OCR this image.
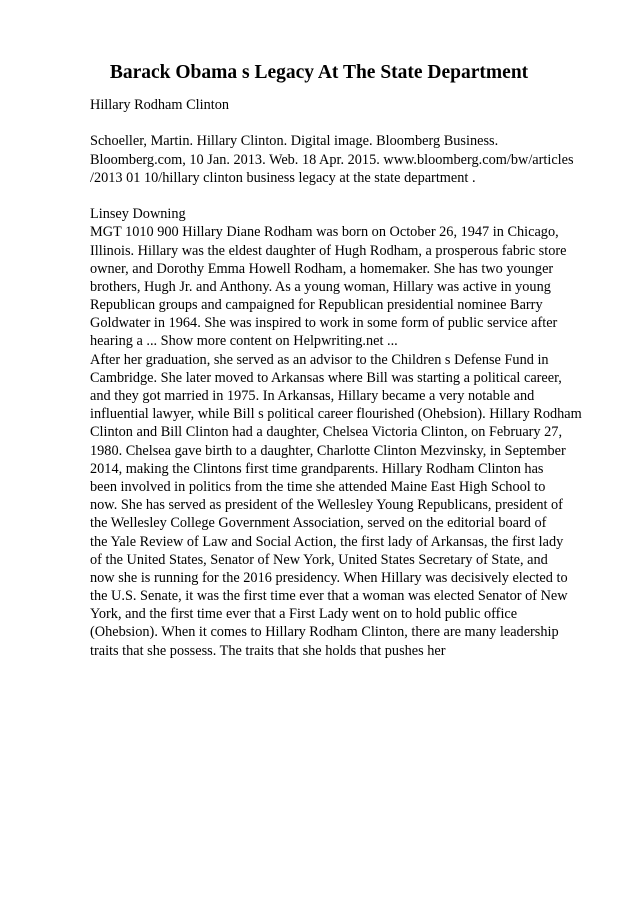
Barack Obama s Legacy At The State Department
Hillary Rodham Clinton
Schoeller, Martin. Hillary Clinton. Digital image. Bloomberg Business.
Bloomberg.com, 10 Jan. 2013. Web. 18 Apr. 2015. www.bloomberg.com/bw/articles
/2013 01 10/hillary clinton business legacy at the state department .
Linsey Downing
MGT 1010 900 Hillary Diane Rodham was born on October 26, 1947 in Chicago,
Illinois. Hillary was the eldest daughter of Hugh Rodham, a prosperous fabric store
owner, and Dorothy Emma Howell Rodham, a homemaker. She has two younger
brothers, Hugh Jr. and Anthony. As a young woman, Hillary was active in young
Republican groups and campaigned for Republican presidential nominee Barry
Goldwater in 1964. She was inspired to work in some form of public service after
hearing a ... Show more content on Helpwriting.net ...
After her graduation, she served as an advisor to the Children s Defense Fund in
Cambridge. She later moved to Arkansas where Bill was starting a political career,
and they got married in 1975. In Arkansas, Hillary became a very notable and
influential lawyer, while Bill s political career flourished (Ohebsion). Hillary Rodham
Clinton and Bill Clinton had a daughter, Chelsea Victoria Clinton, on February 27,
1980. Chelsea gave birth to a daughter, Charlotte Clinton Mezvinsky, in September
2014, making the Clintons first time grandparents. Hillary Rodham Clinton has
been involved in politics from the time she attended Maine East High School to
now. She has served as president of the Wellesley Young Republicans, president of
the Wellesley College Government Association, served on the editorial board of
the Yale Review of Law and Social Action, the first lady of Arkansas, the first lady
of the United States, Senator of New York, United States Secretary of State, and
now she is running for the 2016 presidency. When Hillary was decisively elected to
the U.S. Senate, it was the first time ever that a woman was elected Senator of New
York, and the first time ever that a First Lady went on to hold public office
(Ohebsion). When it comes to Hillary Rodham Clinton, there are many leadership
traits that she possess. The traits that she holds that pushes her
